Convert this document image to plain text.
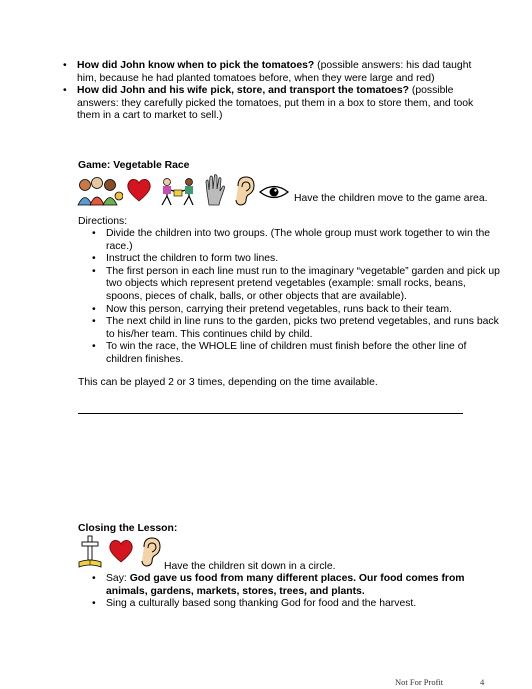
• How did John know when to pick the tomatoes? (possible answers: his dad taught him, because he had planted tomatoes before, when they were large and red)
• How did John and his wife pick, store, and transport the tomatoes? (possible answers: they carefully picked the tomatoes, put them in a box to store them, and took them in a cart to market to sell.)
Game: Vegetable Race
Have the children move to the game area.
Directions:
• Divide the children into two groups. (The whole group must work together to win the race.)
• Instruct the children to form two lines.
• The first person in each line must run to the imaginary “vegetable” garden and pick up two objects which represent pretend vegetables (example: small rocks, beans, spoons, pieces of chalk, balls, or other objects that are available).
• Now this person, carrying their pretend vegetables, runs back to their team.
• The next child in line runs to the garden, picks two pretend vegetables, and runs back to his/her team. This continues child by child.
• To win the race, the WHOLE line of children must finish before the other line of children finishes.
This can be played 2 or 3 times, depending on the time available.
Closing the Lesson:
Have the children sit down in a circle.
• Say: God gave us food from many different places. Our food comes from animals, gardens, markets, stores, trees, and plants.
• Sing a culturally based song thanking God for food and the harvest.
Not For Profit	4
